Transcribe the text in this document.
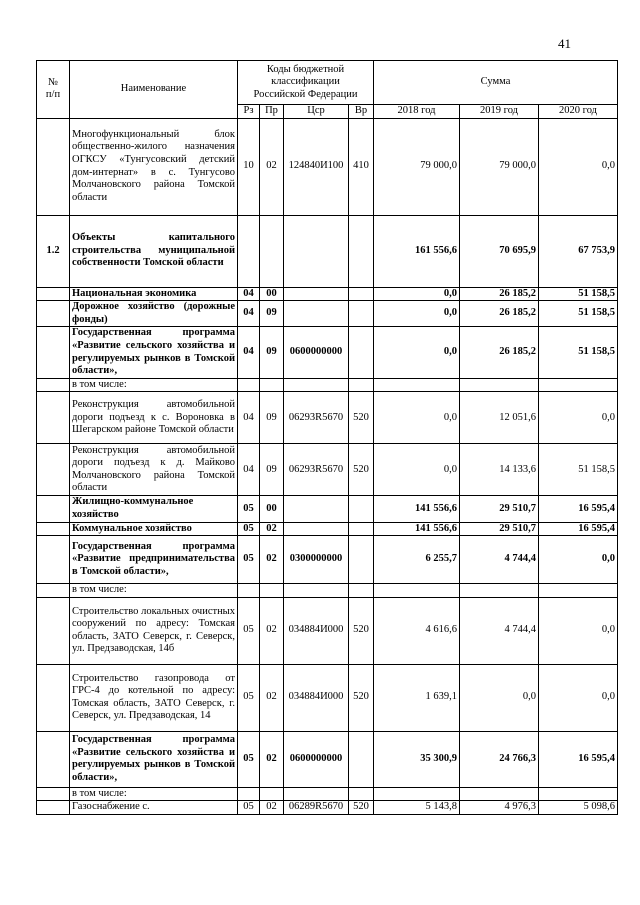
41
№
п/п	Наименование	Коды бюджетной
классификации
Российской Федерации				Сумма		
		Рз	Пр	Цср	Вр	2018 год	2019 год	2020 год
	Многофункциональный блок общественно-жилого назначения ОГКСУ «Тунгусовский детский дом-интернат» в с. Тунгусово Молчановского района Томской области	10	02	124840И100	410	79 000,0	79 000,0	0,0
1.2	Объекты капитального строительства муниципальной собственности Томской области					161 556,6	70 695,9	67 753,9
	Национальная экономика	04	00			0,0	26 185,2	51 158,5
	Дорожное хозяйство (дорожные фонды)	04	09			0,0	26 185,2	51 158,5
	Государственная программа «Развитие сельского хозяйства и регулируемых рынков в Томской области»,	04	09	0600000000		0,0	26 185,2	51 158,5
	в том числе:							
	Реконструкция автомобильной дороги подъезд к с. Вороновка в Шегарском районе Томской области	04	09	06293R5670	520	0,0	12 051,6	0,0
	Реконструкция автомобильной дороги подъезд к д. Майково Молчановского района Томской области	04	09	06293R5670	520	0,0	14 133,6	51 158,5
	Жилищно-коммунальное хозяйство	05	00			141 556,6	29 510,7	16 595,4
	Коммунальное хозяйство	05	02			141 556,6	29 510,7	16 595,4
	Государственная программа «Развитие предпринимательства в Томской области»,	05	02	0300000000		6 255,7	4 744,4	0,0
	в том числе:							
	Строительство локальных очистных сооружений по адресу: Томская область, ЗАТО Северск, г. Северск, ул. Предзаводская, 14б	05	02	034884И000	520	4 616,6	4 744,4	0,0
	Строительство газопровода от ГРС-4 до котельной по адресу: Томская область, ЗАТО Северск, г. Северск, ул. Предзаводская, 14	05	02	034884И000	520	1 639,1	0,0	0,0
	Государственная программа «Развитие сельского хозяйства и регулируемых рынков в Томской области»,	05	02	0600000000		35 300,9	24 766,3	16 595,4
	в том числе:							
	Газоснабжение с.	05	02	06289R5670	520	5 143,8	4 976,3	5 098,6
